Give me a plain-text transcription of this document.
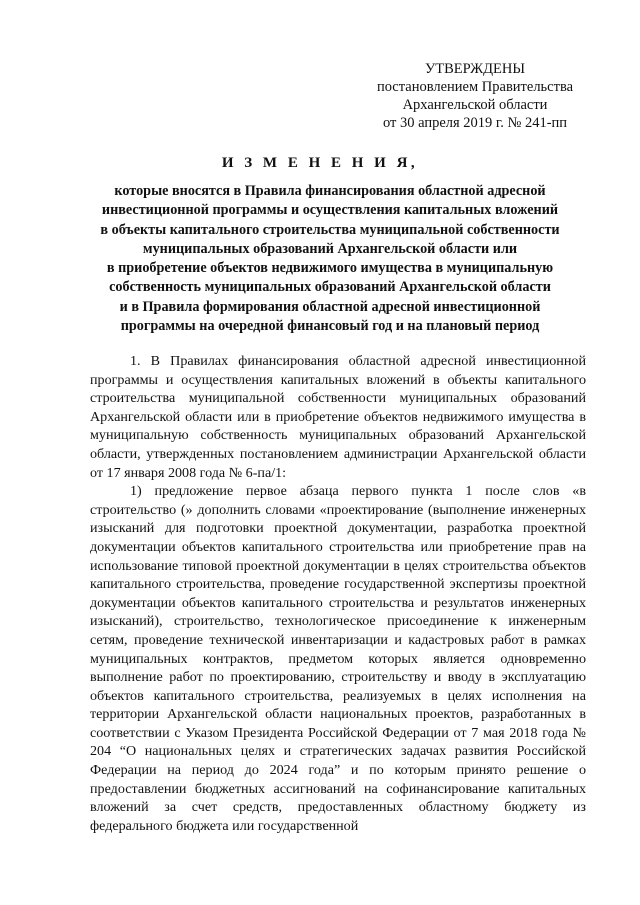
УТВЕРЖДЕНЫ
постановлением Правительства
Архангельской области
от 30 апреля 2019 г. № 241-пп
И З М Е Н Е Н И Я,
которые вносятся в Правила финансирования областной адресной
инвестиционной программы и осуществления капитальных вложений
в объекты капитального строительства муниципальной собственности
муниципальных образований Архангельской области или
в приобретение объектов недвижимого имущества в муниципальную
собственность муниципальных образований Архангельской области
и в Правила формирования областной адресной инвестиционной
программы на очередной финансовый год и на плановый период

1. В Правилах финансирования областной адресной инвестиционной программы и осуществления капитальных вложений в объекты капитального строительства муниципальной собственности муниципальных образований Архангельской области или в приобретение объектов недвижимого имущества в муниципальную собственность муниципальных образований Архангельской области, утвержденных постановлением администрации Архангельской области от 17 января 2008 года № 6-па/1:

1) предложение первое абзаца первого пункта 1 после слов «в строительство (» дополнить словами «проектирование (выполнение инженерных изысканий для подготовки проектной документации, разработка проектной документации объектов капитального строительства или приобретение прав на использование типовой проектной документации в целях строительства объектов капитального строительства, проведение государственной экспертизы проектной документации объектов капитального строительства и результатов инженерных изысканий), строительство, технологическое присоединение к инженерным сетям, проведение технической инвентаризации и кадастровых работ в рамках муниципальных контрактов, предметом которых является одновременно выполнение работ по проектированию, строительству и вводу в эксплуатацию объектов капитального строительства, реализуемых в целях исполнения на территории Архангельской области национальных проектов, разработанных в соответствии с Указом Президента Российской Федерации от 7 мая 2018 года № 204 “О национальных целях и стратегических задачах развития Российской Федерации на период до 2024 года” и по которым принято решение о предоставлении бюджетных ассигнований на софинансирование капитальных вложений за счет средств, предоставленных областному бюджету из федерального бюджета или государственной
